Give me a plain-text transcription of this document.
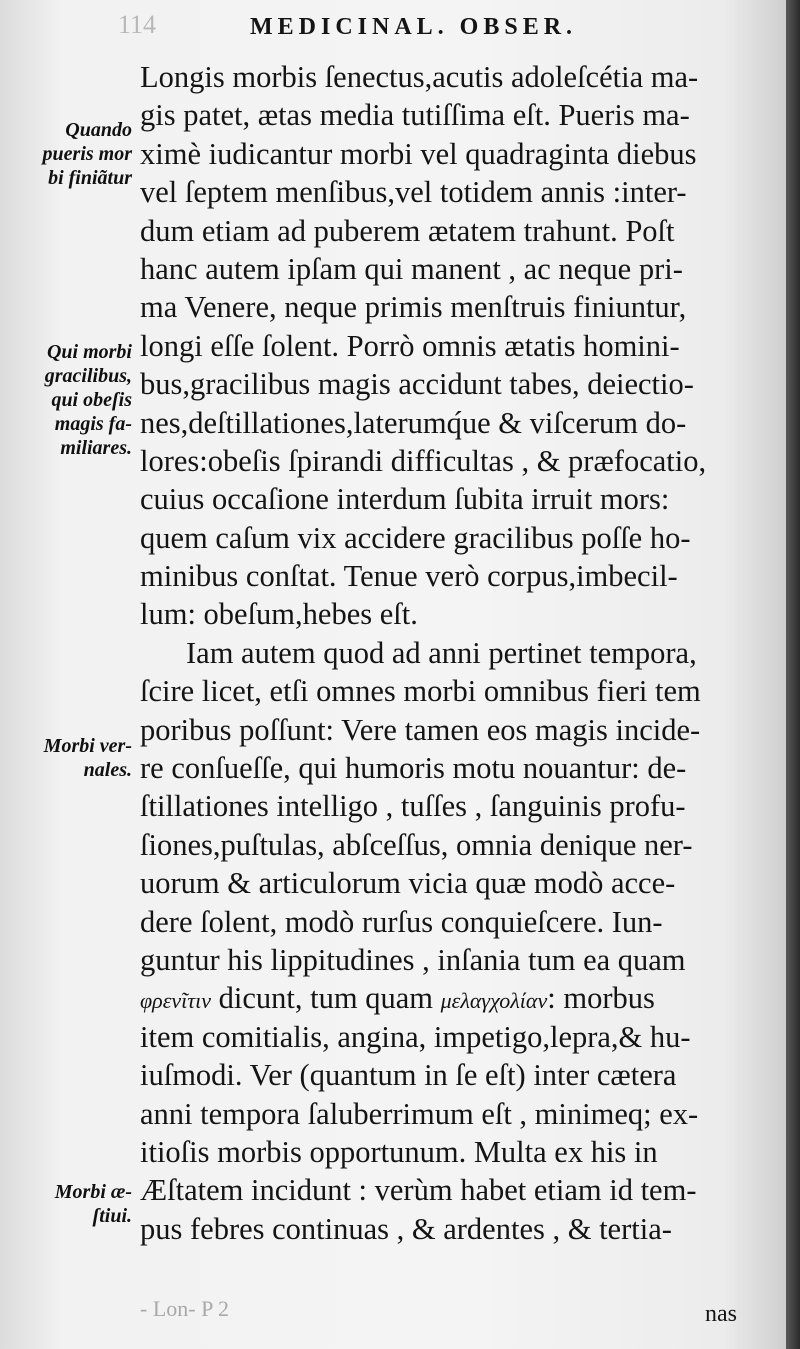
114	MEDICINAL. OBSER.
Longis morbis ſenectus,acutis adoleſcétia ma-
gis patet, ætas media tutiſſima eſt. Pueris ma-
ximè iudicantur morbi vel quadraginta diebus
vel ſeptem menſibus,vel totidem annis :inter-
dum etiam ad puberem ætatem trahunt. Poſt
hanc autem ipſam qui manent , ac neque pri-
ma Venere, neque primis menſtruis finiuntur,
longi eſſe ſolent. Porrò omnis ætatis homini-
bus,gracilibus magis accidunt tabes, deiectio-
nes,deſtillationes,laterumq́ue & viſcerum do-
lores:obeſis ſpirandi difficultas , & præfocatio,
cuius occaſione interdum ſubita irruit mors:
quem caſum vix accidere gracilibus poſſe ho-
minibus conſtat. Tenue verò corpus,imbecil-
lum: obeſum,hebes eſt.
Iam autem quod ad anni pertinet tempora,
ſcire licet, etſi omnes morbi omnibus fieri tem
poribus poſſunt: Vere tamen eos magis incide-
re conſueſſe, qui humoris motu nouantur: de-
ſtillationes intelligo , tuſſes , ſanguinis profu-
ſiones,puſtulas, abſceſſus, omnia denique ner-
uorum & articulorum vicia quæ modò acce-
dere ſolent, modò rurſus conquieſcere. Iun-
guntur his lippitudines , inſania tum ea quam
φρενῖτιν dicunt, tum quam μελαγχολίαν: morbus
item comitialis, angina, impetigo,lepra,& hu-
iuſmodi. Ver (quantum in ſe eſt) inter cætera
anni tempora ſaluberrimum eſt , minimeq; ex-
itioſis morbis opportunum. Multa ex his in
Æſtatem incidunt : verùm habet etiam id tem-
pus febres continuas , & ardentes , & tertia-
Quando
pueris mor
bi finiãtur
Qui morbi
gracilibus,
qui obeſis
magis fa-
miliares.
Morbi ver-
nales.
Morbi æ-
ſtiui.
- Lon- P 2	nas
